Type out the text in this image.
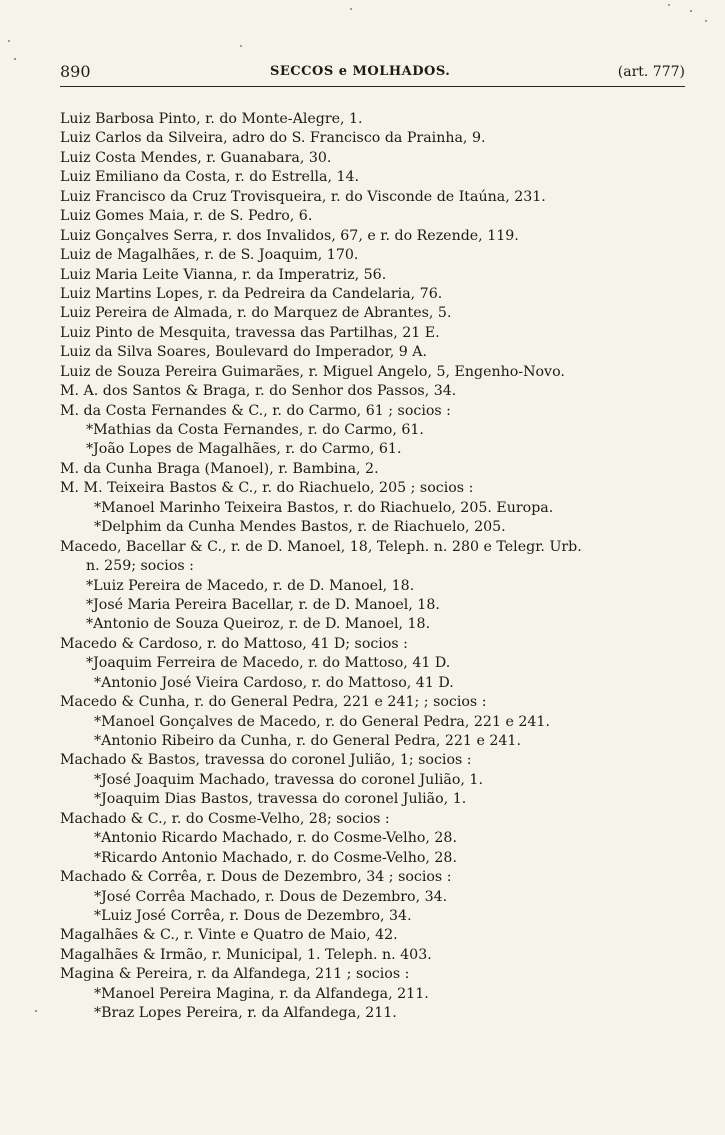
890	SECCOS e MOLHADOS.	(art. 777)
Luiz Barbosa Pinto, r. do Monte-Alegre, 1.
Luiz Carlos da Silveira, adro do S. Francisco da Prainha, 9.
Luiz Costa Mendes, r. Guanabara, 30.
Luiz Emiliano da Costa, r. do Estrella, 14.
Luiz Francisco da Cruz Trovisqueira, r. do Visconde de Itaúna, 231.
Luiz Gomes Maia, r. de S. Pedro, 6.
Luiz Gonçalves Serra, r. dos Invalidos, 67, e r. do Rezende, 119.
Luiz de Magalhães, r. de S. Joaquim, 170.
Luiz Maria Leite Vianna, r. da Imperatriz, 56.
Luiz Martins Lopes, r. da Pedreira da Candelaria, 76.
Luiz Pereira de Almada, r. do Marquez de Abrantes, 5.
Luiz Pinto de Mesquita, travessa das Partilhas, 21 E.
Luiz da Silva Soares, Boulevard do Imperador, 9 A.
Luiz de Souza Pereira Guimarães, r. Miguel Angelo, 5, Engenho-Novo.
M. A. dos Santos & Braga, r. do Senhor dos Passos, 34.
M. da Costa Fernandes & C., r. do Carmo, 61 ; socios :
*Mathias da Costa Fernandes, r. do Carmo, 61.
*João Lopes de Magalhães, r. do Carmo, 61.
M. da Cunha Braga (Manoel), r. Bambina, 2.
M. M. Teixeira Bastos & C., r. do Riachuelo, 205 ; socios :
*Manoel Marinho Teixeira Bastos, r. do Riachuelo, 205. Europa.
*Delphim da Cunha Mendes Bastos, r. de Riachuelo, 205.
Macedo, Bacellar & C., r. de D. Manoel, 18, Teleph. n. 280 e Telegr. Urb.
n. 259; socios :
*Luiz Pereira de Macedo, r. de D. Manoel, 18.
*José Maria Pereira Bacellar, r. de D. Manoel, 18.
*Antonio de Souza Queiroz, r. de D. Manoel, 18.
Macedo & Cardoso, r. do Mattoso, 41 D; socios :
*Joaquim Ferreira de Macedo, r. do Mattoso, 41 D.
*Antonio José Vieira Cardoso, r. do Mattoso, 41 D.
Macedo & Cunha, r. do General Pedra, 221 e 241; ; socios :
*Manoel Gonçalves de Macedo, r. do General Pedra, 221 e 241.
*Antonio Ribeiro da Cunha, r. do General Pedra, 221 e 241.
Machado & Bastos, travessa do coronel Julião, 1; socios :
*José Joaquim Machado, travessa do coronel Julião, 1.
*Joaquim Dias Bastos, travessa do coronel Julião, 1.
Machado & C., r. do Cosme-Velho, 28; socios :
*Antonio Ricardo Machado, r. do Cosme-Velho, 28.
*Ricardo Antonio Machado, r. do Cosme-Velho, 28.
Machado & Corrêa, r. Dous de Dezembro, 34 ; socios :
*José Corrêa Machado, r. Dous de Dezembro, 34.
*Luiz José Corrêa, r. Dous de Dezembro, 34.
Magalhães & C., r. Vinte e Quatro de Maio, 42.
Magalhães & Irmão, r. Municipal, 1. Teleph. n. 403.
Magina & Pereira, r. da Alfandega, 211 ; socios :
*Manoel Pereira Magina, r. da Alfandega, 211.
*Braz Lopes Pereira, r. da Alfandega, 211.
